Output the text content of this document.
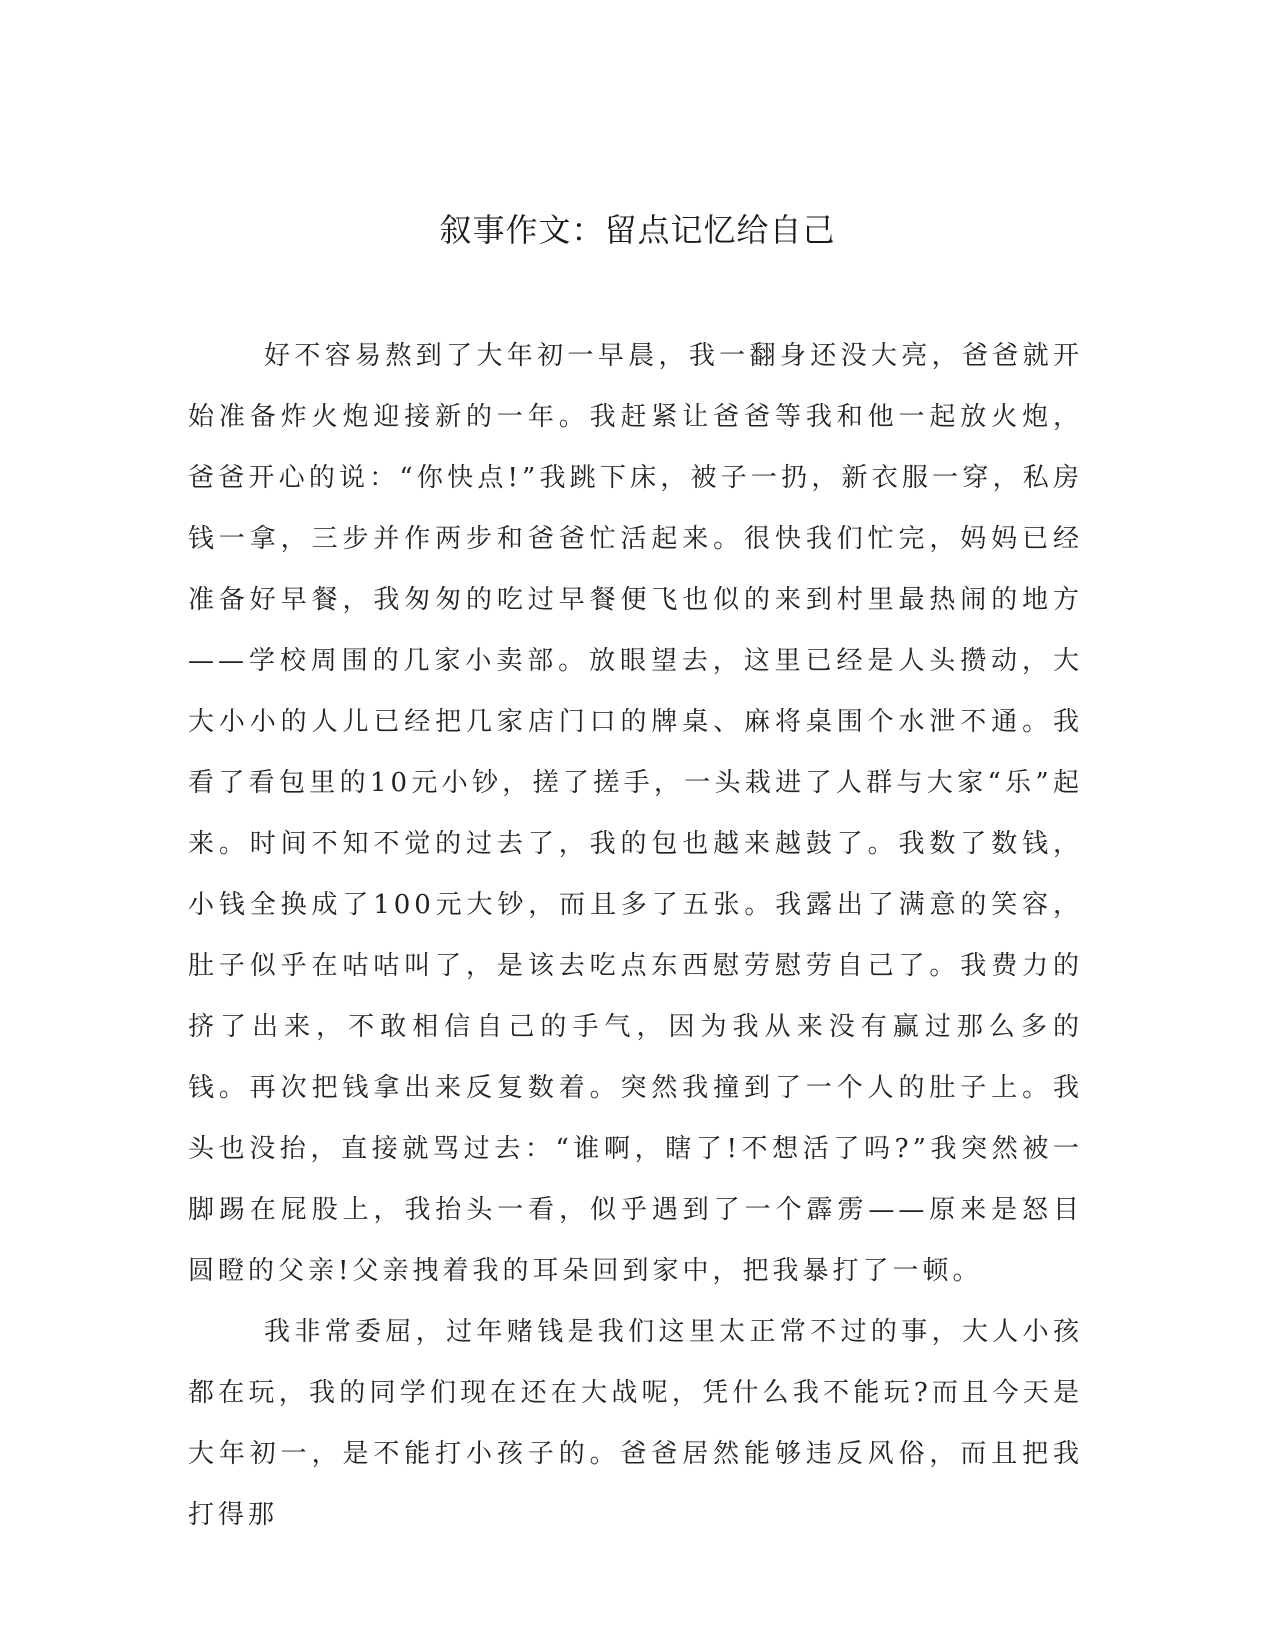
叙事作文：留点记忆给自己

好不容易熬到了大年初一早晨，我一翻身还没大亮，爸爸就开始准备炸火炮迎接新的一年。我赶紧让爸爸等我和他一起放火炮，爸爸开心的说：“你快点!”我跳下床，被子一扔，新衣服一穿，私房钱一拿，三步并作两步和爸爸忙活起来。很快我们忙完，妈妈已经准备好早餐，我匆匆的吃过早餐便飞也似的来到村里最热闹的地方——学校周围的几家小卖部。放眼望去，这里已经是人头攒动，大大小小的人儿已经把几家店门口的牌桌、麻将桌围个水泄不通。我看了看包里的10元小钞，搓了搓手，一头栽进了人群与大家“乐”起来。时间不知不觉的过去了，我的包也越来越鼓了。我数了数钱，小钱全换成了100元大钞，而且多了五张。我露出了满意的笑容，肚子似乎在咕咕叫了，是该去吃点东西慰劳慰劳自己了。我费力的挤了出来，不敢相信自己的手气，因为我从来没有赢过那么多的钱。再次把钱拿出来反复数着。突然我撞到了一个人的肚子上。我头也没抬，直接就骂过去：“谁啊，瞎了!不想活了吗?”我突然被一脚踢在屁股上，我抬头一看，似乎遇到了一个霹雳——原来是怒目圆瞪的父亲!父亲拽着我的耳朵回到家中，把我暴打了一顿。

我非常委屈，过年赌钱是我们这里太正常不过的事，大人小孩都在玩，我的同学们现在还在大战呢，凭什么我不能玩?而且今天是大年初一，是不能打小孩子的。爸爸居然能够违反风俗，而且把我打得那
